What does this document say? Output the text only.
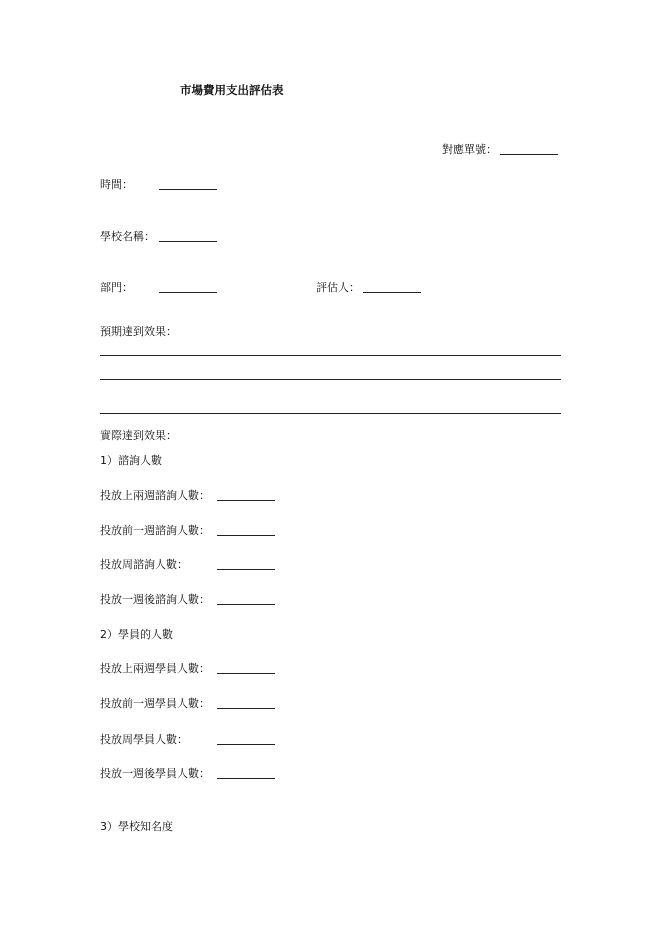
市場費用支出評估表
對應單號：
時間：
學校名稱：
部門：	評估人：
預期達到效果：
實際達到效果：
1）諮詢人數
投放上兩週諮詢人數：
投放前一週諮詢人數：
投放周諮詢人數：
投放一週後諮詢人數：
2）學員的人數
投放上兩週學員人數：
投放前一週學員人數：
投放周學員人數：
投放一週後學員人數：
3）學校知名度
